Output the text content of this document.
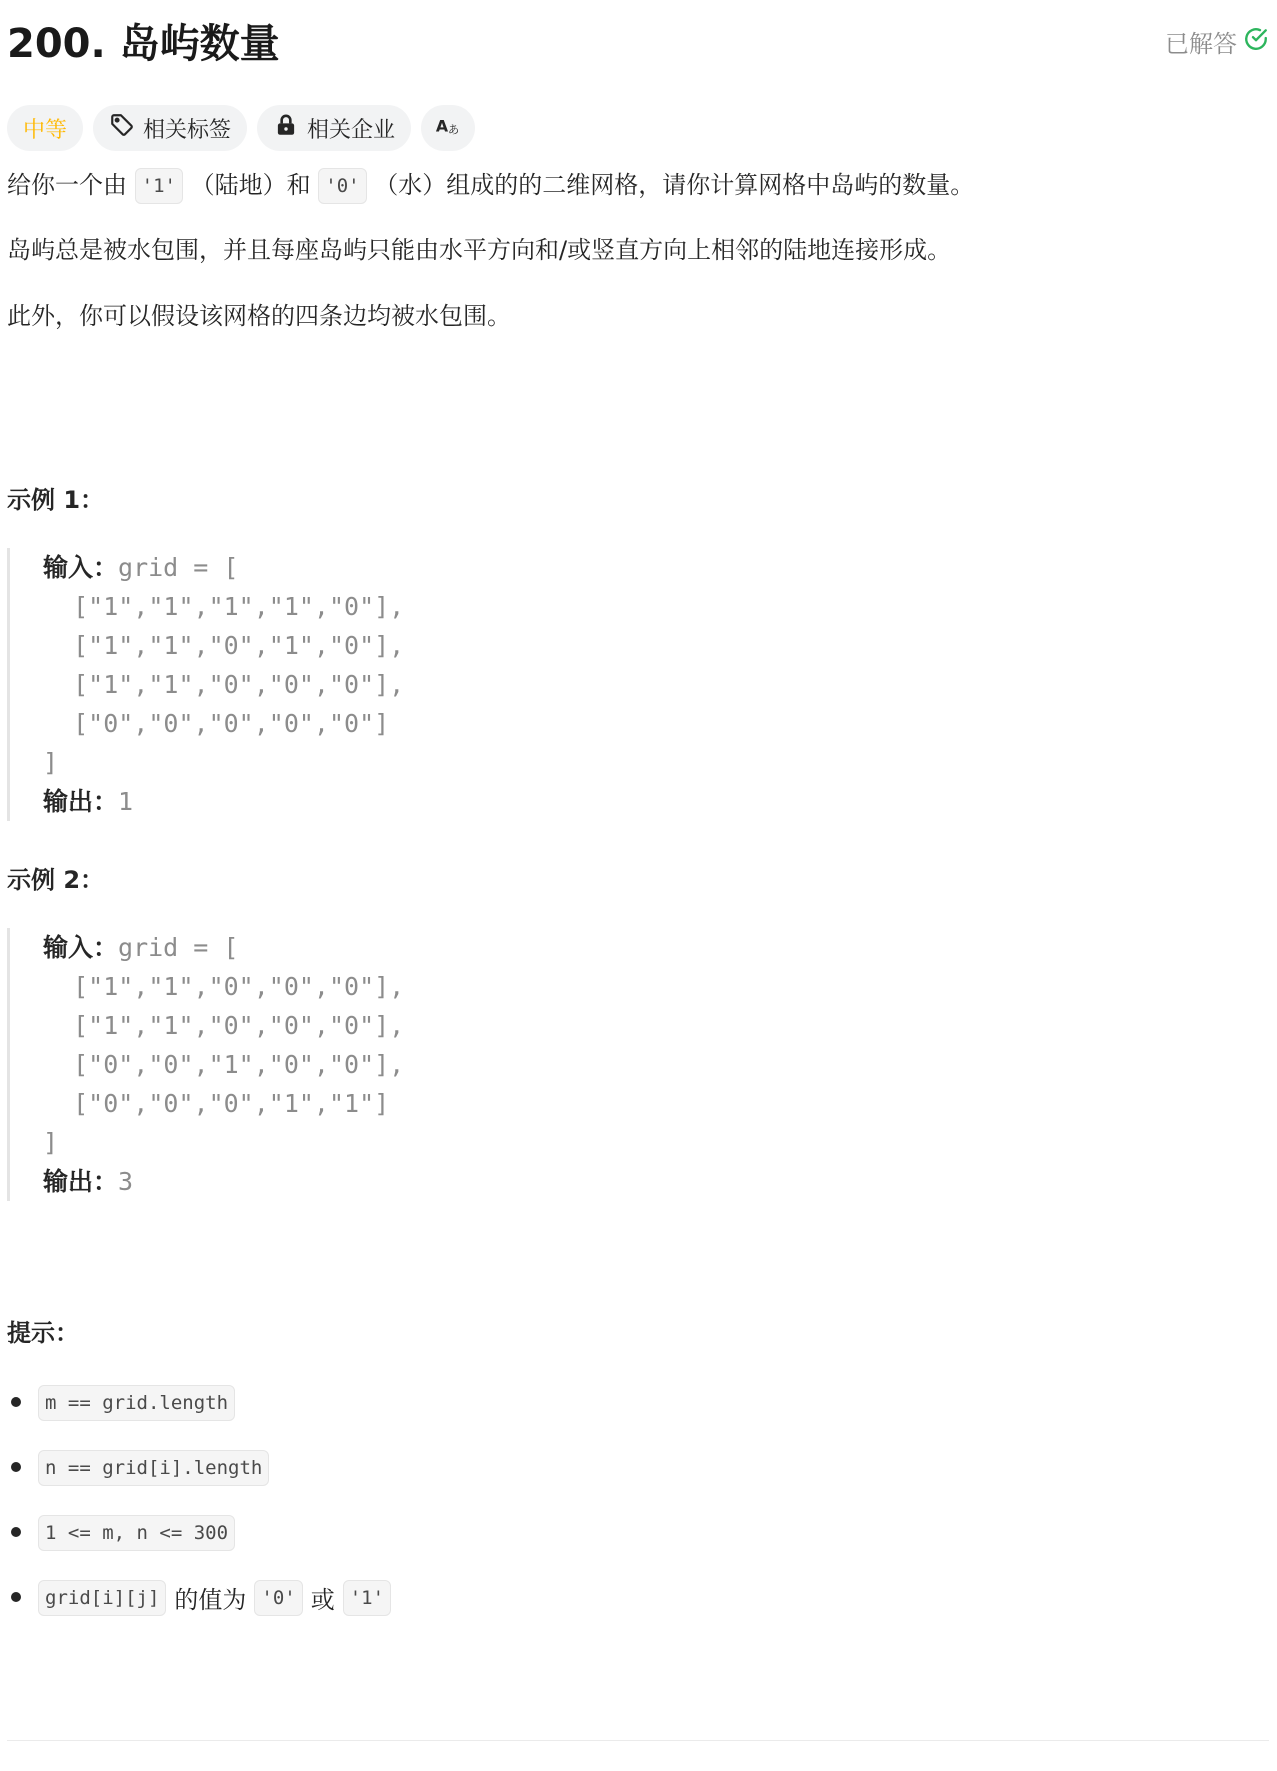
200. 岛屿数量	已解答
中等	相关标签	相关企业 A あ

给你一个由 '1' （陆地）和 '0' （水）组成的的二维网格，请你计算网格中岛屿的数量。

岛屿总是被水包围，并且每座岛屿只能由水平方向和/或竖直方向上相邻的陆地连接形成。

此外，你可以假设该网格的四条边均被水包围。

示例 1：
输入：grid = [
["1","1","1","1","0"],
["1","1","0","1","0"],
["1","1","0","0","0"],
["0","0","0","0","0"]
]
输出：1
示例 2：
输入：grid = [
["1","1","0","0","0"],
["1","1","0","0","0"],
["0","0","1","0","0"],
["0","0","0","1","1"]
]
输出：3
提示：
m == grid.length
n == grid[i].length
1 <= m, n <= 300
grid[i][j] 的值为 '0' 或 '1'
